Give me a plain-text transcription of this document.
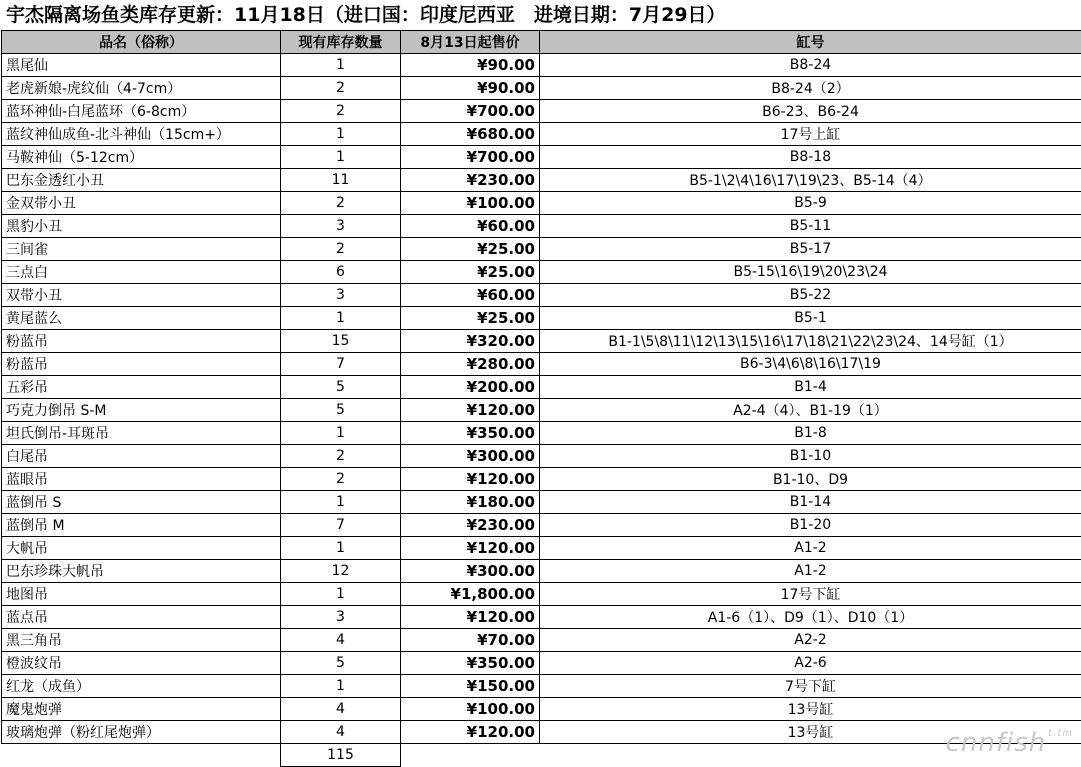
宇杰隔离场鱼类库存更新：11月18日（进口国：印度尼西亚　进境日期：7月29日）
品名（俗称）	现有库存数量	8月13日起售价	缸号
黑尾仙	1	¥90.00	B8-24
老虎新娘-虎纹仙（4-7cm）	2	¥90.00	B8-24（2）
蓝环神仙-白尾蓝环（6-8cm）	2	¥700.00	B6-23、B6-24
蓝纹神仙成鱼-北斗神仙（15cm+）	1	¥680.00	17号上缸
马鞍神仙（5-12cm）	1	¥700.00	B8-18
巴东金透红小丑	11	¥230.00	B5-1\2\4\16\17\19\23、B5-14（4）
金双带小丑	2	¥100.00	B5-9
黑豹小丑	3	¥60.00	B5-11
三间雀	2	¥25.00	B5-17
三点白	6	¥25.00	B5-15\16\19\20\23\24
双带小丑	3	¥60.00	B5-22
黄尾蓝么	1	¥25.00	B5-1
粉蓝吊	15	¥320.00	B1-1\5\8\11\12\13\15\16\17\18\21\22\23\24、14号缸（1）
粉蓝吊	7	¥280.00	B6-3\4\6\8\16\17\19
五彩吊	5	¥200.00	B1-4
巧克力倒吊 S-M	5	¥120.00	A2-4（4）、B1-19（1）
坦氏倒吊-耳斑吊	1	¥350.00	B1-8
白尾吊	2	¥300.00	B1-10
蓝眼吊	2	¥120.00	B1-10、D9
蓝倒吊 S	1	¥180.00	B1-14
蓝倒吊 M	7	¥230.00	B1-20
大帆吊	1	¥120.00	A1-2
巴东珍珠大帆吊	12	¥300.00	A1-2
地图吊	1	¥1,800.00	17号下缸
蓝点吊	3	¥120.00	A1-6（1）、D9（1）、D10（1）
黑三角吊	4	¥70.00	A2-2
橙波纹吊	5	¥350.00	A2-6
红龙（成鱼）	1	¥150.00	7号下缸
魔鬼炮弹	4	¥100.00	13号缸
玻璃炮弹（粉红尾炮弹）	4	¥120.00	13号缸
	115			cnnfish $^{t.tm}$
